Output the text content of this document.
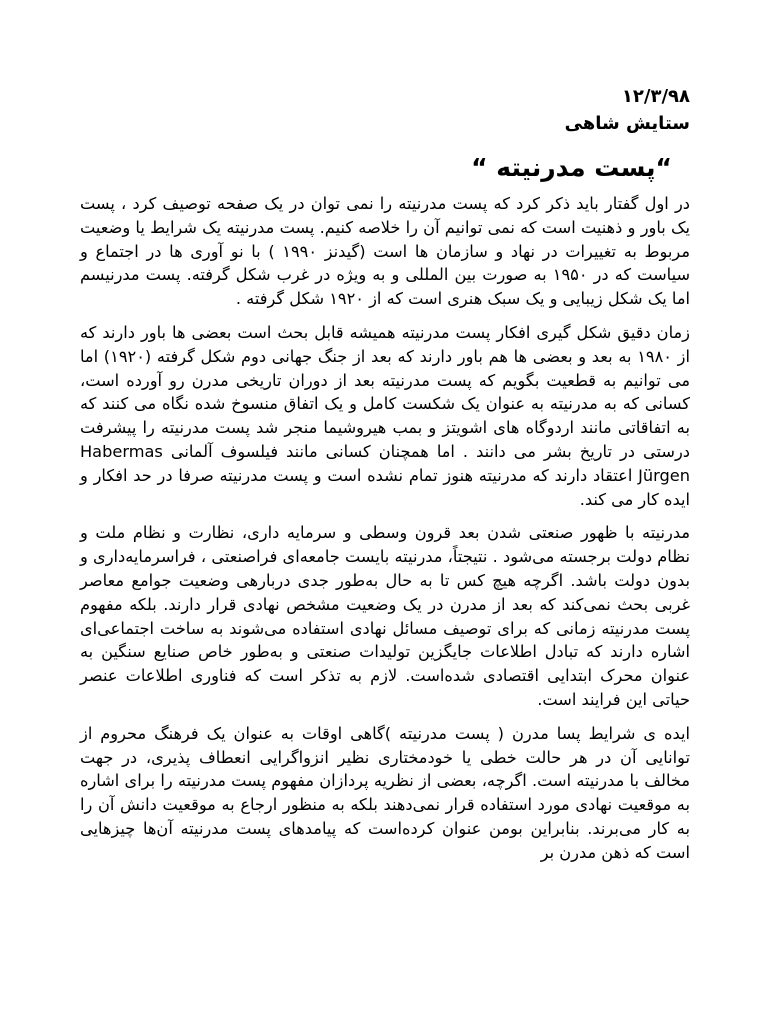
۱۲/۳/۹۸
ستایش شاهی
“پست مدرنیته “

در اول گفتار باید ذکر کرد که پست مدرنیته را نمی توان در یک صفحه توصیف کرد ، پست یک باور و ذهنیت است که نمی توانیم آن را خلاصه کنیم. پست مدرنیته یک شرایط یا وضعیت مربوط به تغییرات در نهاد و سازمان ها است (گیدنز ۱۹۹۰ ) با نو آوری ها در اجتماع و سیاست که در ۱۹۵۰ به صورت بین المللی و به ویژه در غرب شکل گرفته. پست مدرنیسم اما یک شکل زیبایی و یک سبک هنری است که از ۱۹۲۰ شکل گرفته .

زمان دقیق شکل گیری افکار پست مدرنیته همیشه قابل بحث است بعضی ها باور دارند که از ۱۹۸۰ به بعد و بعضی ها هم باور دارند که بعد از جنگ جهانی دوم شکل گرفته (۱۹۲۰) اما می توانیم به قطعیت بگویم که پست مدرنیته بعد از دوران تاریخی مدرن رو آورده است، کسانی که به مدرنیته به عنوان یک شکست کامل و یک اتفاق منسوخ شده نگاه می کنند که به اتفاقاتی مانند اردوگاه های اشویتز و بمب هیروشیما منجر شد پست مدرنیته را پیشرفت درستی در تاریخ بشر می دانند . اما همچنان کسانی مانند فیلسوف آلمانی Habermas Jürgen اعتقاد دارند که مدرنیته هنوز تمام نشده است و پست مدرنیته صرفا در حد افکار و ایده کار می کند.

مدرنیته با ظهور صنعتی شدن بعد قرون وسطی و سرمایه داری، نظارت و نظام ملت و نظام دولت برجسته می‌شود . نتیجتاً، مدرنیته بایست جامعه‌ای فراصنعتی ، فراسرمایه‌داری و بدون دولت باشد. اگرچه هیچ کس تا به حال به‌طور جدی دربارهی وضعیت جوامع معاصر غربی بحث نمی‌کند که بعد از مدرن در یک وضعیت مشخص نهادی قرار دارند. بلکه مفهوم پست مدرنیته زمانی که برای توصیف مسائل نهادی استفاده می‌شوند به ساخت اجتماعی‌ای اشاره دارند که تبادل اطلاعات جایگزین تولیدات صنعتی و به‌طور خاص صنایع سنگین به عنوان محرک ابتدایی اقتصادی شده‌است. لازم به تذکر است که فناوری اطلاعات عنصر حیاتی این فرایند است.

ایده ی شرایط پسا مدرن ( پست مدرنیته )گاهی اوقات به عنوان یک فرهنگ محروم از توانایی آن در هر حالت خطی یا خودمختاری نظیر انزواگرایی انعطاف پذیری، در جهت مخالف با مدرنیته است. اگرچه، بعضی از نظریه پردازان مفهوم پست مدرنیته را برای اشاره به موقعیت نهادی مورد استفاده قرار نمی‌دهند بلکه به منظور ارجاع به موقعیت دانش آن را به کار می‌برند. بنابراین بومن عنوان کرده‌است که پیامدهای پست مدرنیته آن‌ها چیزهایی است که ذهن مدرن بر
